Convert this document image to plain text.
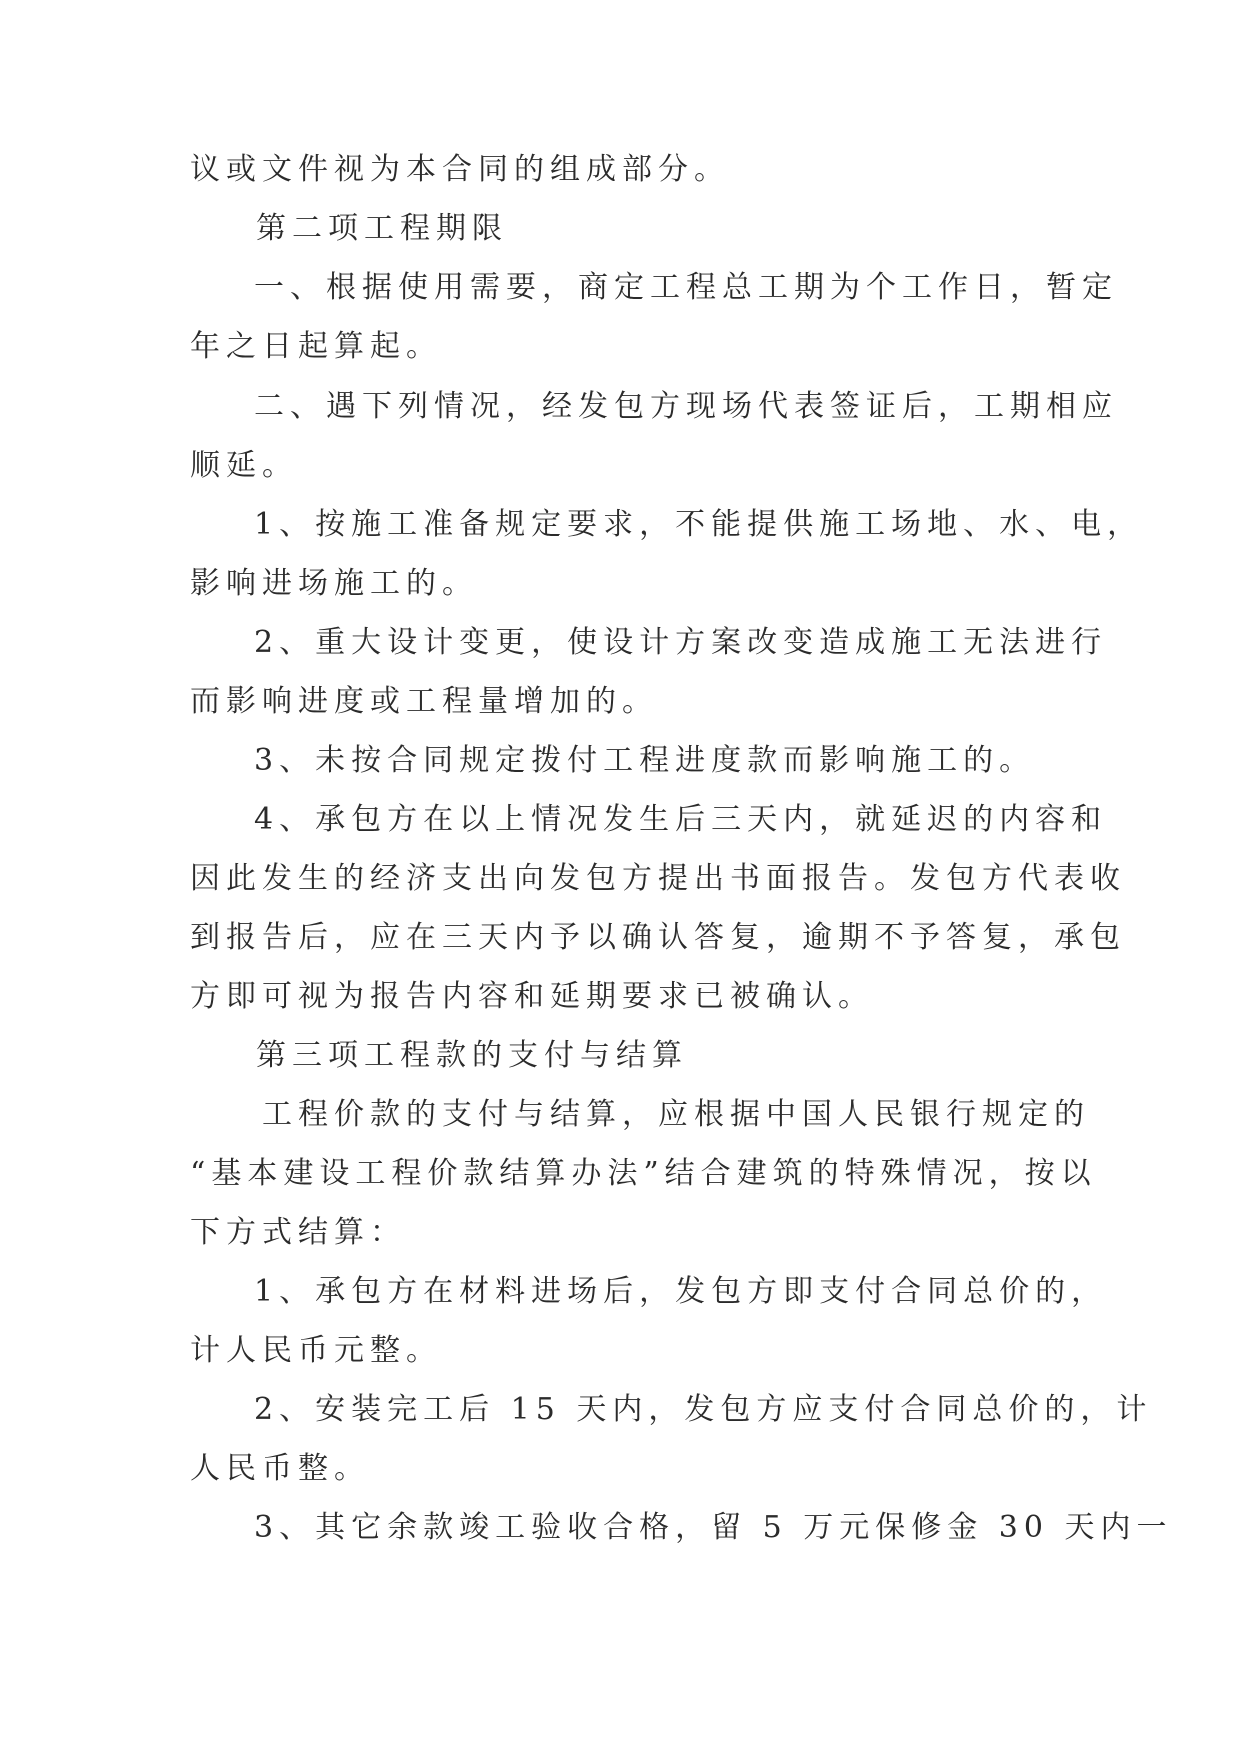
议或文件视为本合同的组成部分。

第二项工程期限

一、根据使用需要，商定工程总工期为个工作日，暂定

年之日起算起。

二、遇下列情况，经发包方现场代表签证后，工期相应

顺延。

1、按施工准备规定要求，不能提供施工场地、水、电，

影响进场施工的。

2、重大设计变更，使设计方案改变造成施工无法进行

而影响进度或工程量增加的。

3、未按合同规定拨付工程进度款而影响施工的。

4、承包方在以上情况发生后三天内，就延迟的内容和

因此发生的经济支出向发包方提出书面报告。发包方代表收

到报告后，应在三天内予以确认答复，逾期不予答复，承包

方即可视为报告内容和延期要求已被确认。

第三项工程款的支付与结算

工程价款的支付与结算，应根据中国人民银行规定的

“基本建设工程价款结算办法”结合建筑的特殊情况，按以

下方式结算：

1、承包方在材料进场后，发包方即支付合同总价的，

计人民币元整。

2、安装完工后 15 天内，发包方应支付合同总价的，计

人民币整。

3、其它余款竣工验收合格，留 5 万元保修金 30 天内一
